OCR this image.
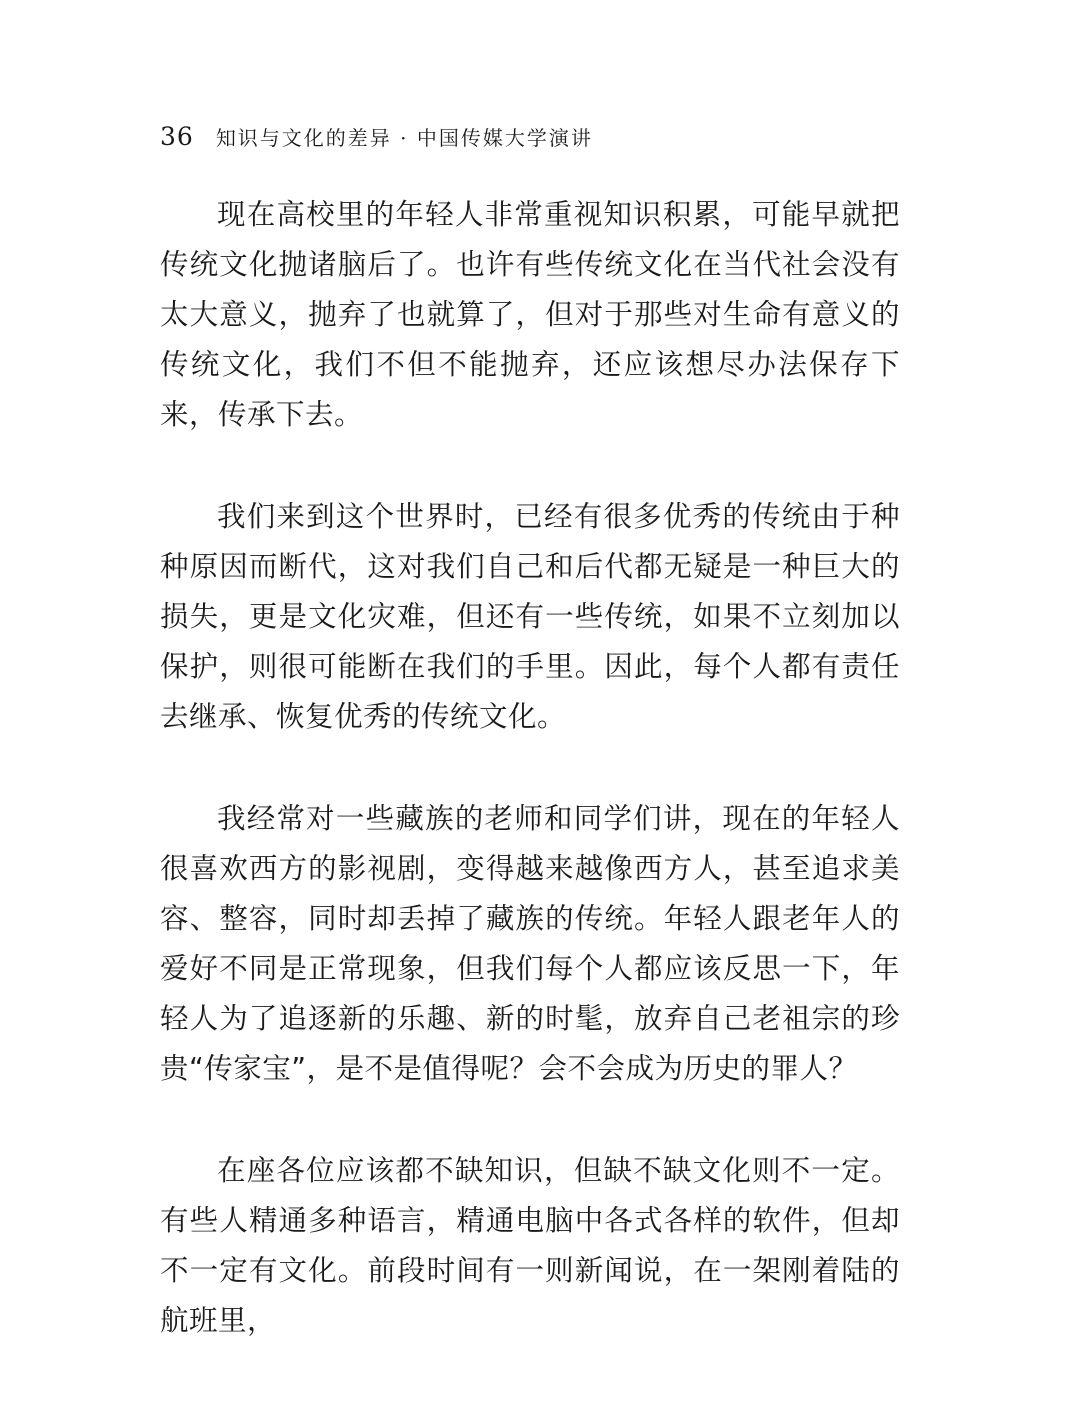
36 知识与文化的差异 · 中国传媒大学演讲

现在高校里的年轻人非常重视知识积累，可能早就把传统文化抛诸脑后了。也许有些传统文化在当代社会没有太大意义，抛弃了也就算了，但对于那些对生命有意义的传统文化，我们不但不能抛弃，还应该想尽办法保存下来，传承下去。

我们来到这个世界时，已经有很多优秀的传统由于种种原因而断代，这对我们自己和后代都无疑是一种巨大的损失，更是文化灾难，但还有一些传统，如果不立刻加以保护，则很可能断在我们的手里。因此，每个人都有责任去继承、恢复优秀的传统文化。

我经常对一些藏族的老师和同学们讲，现在的年轻人很喜欢西方的影视剧，变得越来越像西方人，甚至追求美容、整容，同时却丢掉了藏族的传统。年轻人跟老年人的爱好不同是正常现象，但我们每个人都应该反思一下，年轻人为了追逐新的乐趣、新的时髦，放弃自己老祖宗的珍贵“传家宝”，是不是值得呢？会不会成为历史的罪人？

在座各位应该都不缺知识，但缺不缺文化则不一定。有些人精通多种语言，精通电脑中各式各样的软件，但却不一定有文化。前段时间有一则新闻说，在一架刚着陆的航班里，
